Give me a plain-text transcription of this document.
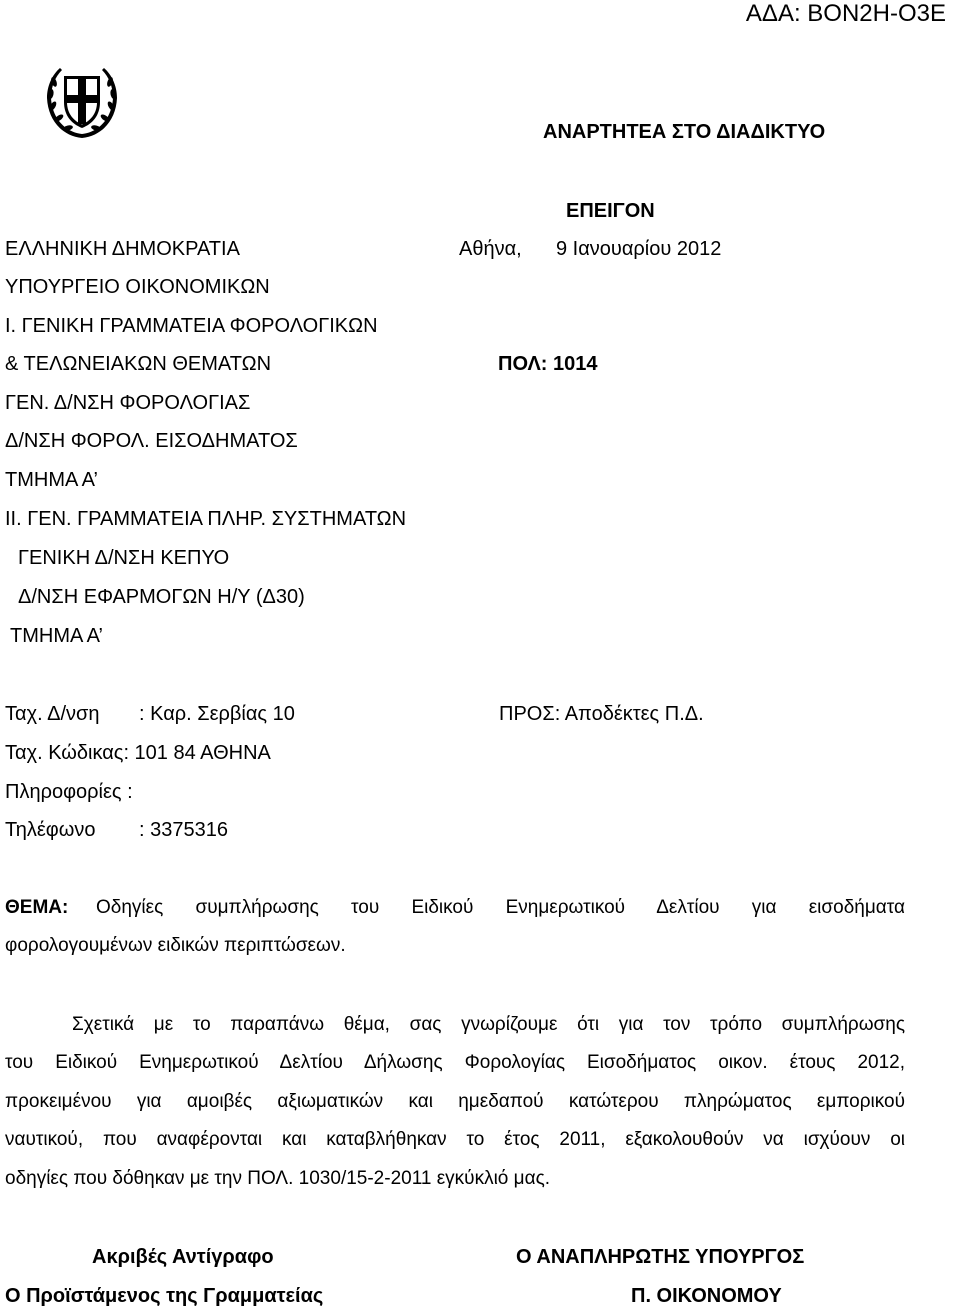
ΑΔΑ: ΒΟΝ2Η-Ο3Ε
ΑΝΑΡΤΗΤΕΑ ΣΤΟ ΔΙΑΔΙΚΤΥΟ
ΕΠΕΙΓΟΝ
Αθήνα, 9 Ιανουαρίου 2012
ΠΟΛ: 1014
ΕΛΛΗΝΙΚΗ ΔΗΜΟΚΡΑΤΙΑ
ΥΠΟΥΡΓΕΙΟ ΟΙΚΟΝΟΜΙΚΩΝ
Ι. ΓΕΝΙΚΗ ΓΡΑΜΜΑΤΕΙΑ ΦΟΡΟΛΟΓΙΚΩΝ
& ΤΕΛΩΝΕΙΑΚΩΝ ΘΕΜΑΤΩΝ
ΓΕΝ. Δ/ΝΣΗ ΦΟΡΟΛΟΓΙΑΣ
Δ/ΝΣΗ ΦΟΡΟΛ. ΕΙΣΟΔΗΜΑΤΟΣ
ΤΜΗΜΑ Α’
ΙΙ. ΓΕΝ. ΓΡΑΜΜΑΤΕΙΑ ΠΛΗΡ. ΣΥΣΤΗΜΑΤΩΝ
ΓΕΝΙΚΗ Δ/ΝΣΗ ΚΕΠΥΟ
Δ/ΝΣΗ ΕΦΑΡΜΟΓΩΝ Η/Υ (Δ30)
ΤΜΗΜΑ Α’
Ταχ. Δ/νση : Καρ. Σερβίας 10
Ταχ. Κώδικας: 101 84 ΑΘΗΝΑ
Πληροφορίες :
Τηλέφωνο : 3375316
ΠΡΟΣ: Αποδέκτες Π.Δ.
ΘΕΜΑ: Οδηγίες συμπλήρωσης του Ειδικού Ενημερωτικού Δελτίου για εισοδήματα
φορολογουμένων ειδικών περιπτώσεων.
Σχετικά με το παραπάνω θέμα, σας γνωρίζουμε ότι για τον τρόπο συμπλήρωσης
του Ειδικού Ενημερωτικού Δελτίου Δήλωσης Φορολογίας Εισοδήματος οικον. έτους 2012,
προκειμένου για αμοιβές αξιωματικών και ημεδαπού κατώτερου πληρώματος εμπορικού
ναυτικού, που αναφέρονται και καταβλήθηκαν το έτος 2011, εξακολουθούν να ισχύουν οι
οδηγίες που δόθηκαν με την ΠΟΛ. 1030/15-2-2011 εγκύκλιό μας.
Ακριβές Αντίγραφο
Ο Προϊστάμενος της Γραμματείας
Ο ΑΝΑΠΛΗΡΩΤΗΣ ΥΠΟΥΡΓΟΣ
Π. ΟΙΚΟΝΟΜΟΥ
